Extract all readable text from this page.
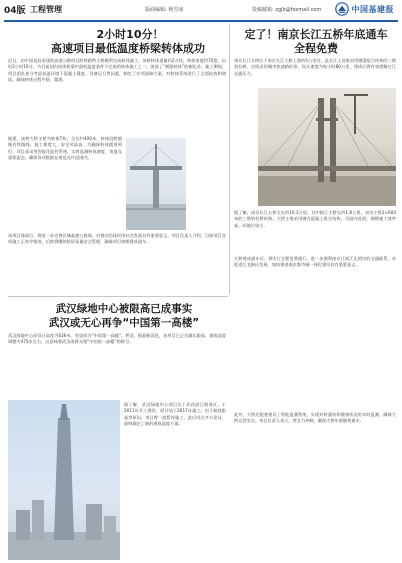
04版 工程管理	版面编辑: 杨雪丽	投稿邮箱: zgjb@foxmail.com	中国基建报
2小时10分！
高速项目最低温度桥梁转体成功

近日，由中国某局承建的高速公路项目跨铁路特大桥顺利完成转体施工。该桥转体重量约2万吨，转体角度约70度，历时2小时10分，为目前国内同类桥梁中最低温度条件下完成的转体施工之一，创造了“极限转体”的新纪录。施工期间，项目团队充分考虑低温环境下混凝土强度、设备运行等因素，制定了专项保障方案，对转体系统进行了全面检查和调试，确保转体过程平稳、精准。

据悉，该特大桥主桥为转体T构，全长约400米，转体段跨越既有铁路线，施工难度大、安全风险高。为确保转体精准到位，项目部采用智能化监控系统，实时监测转体速度、角度及梁体姿态，确保各项数据在规范允许范围内。

该项目建成后，将进一步完善区域高速公路网，对推动沿线经济社会发展具有重要意义。项目负责人介绍，目前项目各项施工正有序推进，后续将继续抓好质量安全管理，确保项目按期建成通车。

武汉绿地中心被限高已成事实
武汉或无心再争“中国第一高楼”

武汉绿地中心原设计高度为636米，有望成为“中国第一高楼”。然而，据最新消息，该项目已正式确认限高，建筑高度调整为475米左右，这意味着武汉或将无缘“中国第一高楼”的称号。

据了解，武汉绿地中心项目位于武昌滨江商务区，于2011年开工建设，原计划于2017年竣工。由于航线限高等原因，项目曾一度暂停施工，此后经过多方论证，最终确定了新的建筑高度方案。

定了！南京长江五桥年底通车
全程免费

南京长江五桥位于南京长江大桥上游约5公里处，是长江上首座采用钢混组合结构的三塔斜拉桥。全线采用城市快速路标准，设计速度为每小时80公里，建成后将有效缓解过江交通压力。

据了解，南京长江五桥全长约10.3公里，其中跨江主桥长约1.8公里，采用主跨2×600米的三塔斜拉桥结构。大桥主塔采用钢壳混凝土组合结构，为国内首创，钢塔施工效率高，环境污染小。

大桥建成通车后，将实行全程免费通行，进一步便利南京江南江北两岸的交通联系，对促进江北新区发展、加快推进南京都市圈一体化建设具有重要意义。

此外，大桥还配套建设了智能监测系统，实现对桥梁结构健康状况的实时监测，确保大桥运营安全。项目负责人表示，将全力冲刺，确保大桥年底顺利通车。
